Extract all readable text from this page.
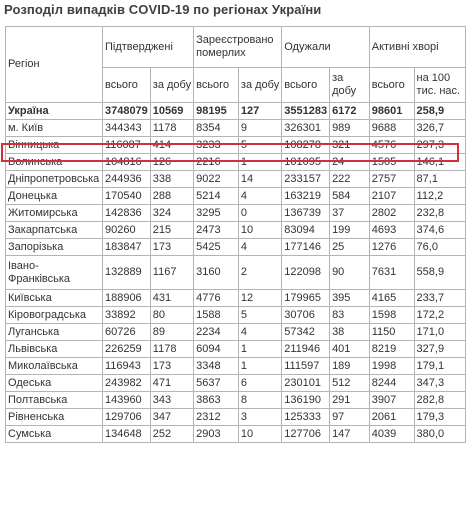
Розподіл випадків COVID-19 по регіонах України
Регіон	Підтверджені		Зареєстровано померлих		Одужали		Активні хворі	
	всього	за добу	всього	за добу	всього	за добу	всього	на 100 тис. нас.
Україна	3748079	10569	98195	127	3551283	6172	98601	258,9
м. Київ	344343	1178	8354	9	326301	989	9688	326,7
Вінницька	116087	414	3233	5	108278	321	4576	297,3
Волинська	104816	126	2216	1	101095	24	1505	146,1
Дніпропетровська	244936	338	9022	14	233157	222	2757	87,1
Донецька	170540	288	5214	4	163219	584	2107	112,2
Житомирська	142836	324	3295	0	136739	37	2802	232,8
Закарпатська	90260	215	2473	10	83094	199	4693	374,6
Запорізька	183847	173	5425	4	177146	25	1276	76,0
Івано-Франківська	132889	1167	3160	2	122098	90	7631	558,9
Київська	188906	431	4776	12	179965	395	4165	233,7
Кіровоградська	33892	80	1588	5	30706	83	1598	172,2
Луганська	60726	89	2234	4	57342	38	1150	171,0
Львівська	226259	1178	6094	1	211946	401	8219	327,9
Миколаївська	116943	173	3348	1	111597	189	1998	179,1
Одеська	243982	471	5637	6	230101	512	8244	347,3
Полтавська	143960	343	3863	8	136190	291	3907	282,8
Рівненська	129706	347	2312	3	125333	97	2061	179,3
Сумська	134648	252	2903	10	127706	147	4039	380,0
